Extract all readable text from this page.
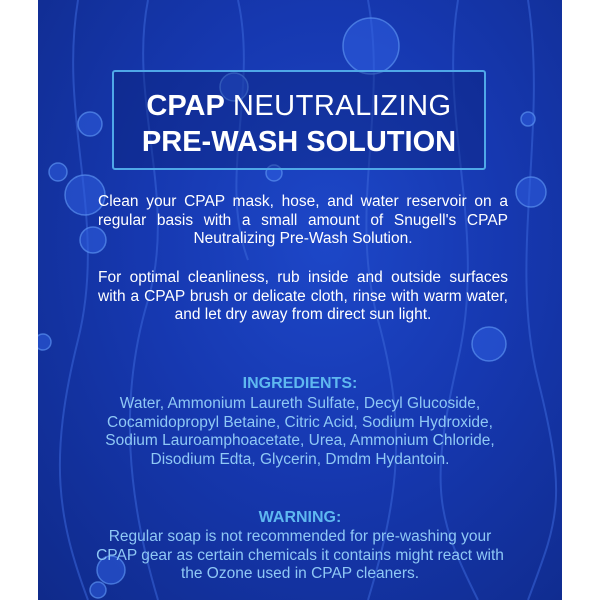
CPAP NEUTRALIZING
PRE-WASH SOLUTION
Clean your CPAP mask, hose, and water reservoir on a regular basis with a small amount of Snugell's CPAP Neutralizing Pre-Wash Solution.
For optimal cleanliness, rub inside and outside surfaces with a CPAP brush or delicate cloth, rinse with warm water, and let dry away from direct sun light.
INGREDIENTS:
Water, Ammonium Laureth Sulfate, Decyl Glucoside, Cocamidopropyl Betaine, Citric Acid, Sodium Hydroxide, Sodium Lauroamphoacetate, Urea, Ammonium Chloride, Disodium Edta, Glycerin, Dmdm Hydantoin.
WARNING:
Regular soap is not recommended for pre-washing your CPAP gear as certain chemicals it contains might react with the Ozone used in CPAP cleaners.
